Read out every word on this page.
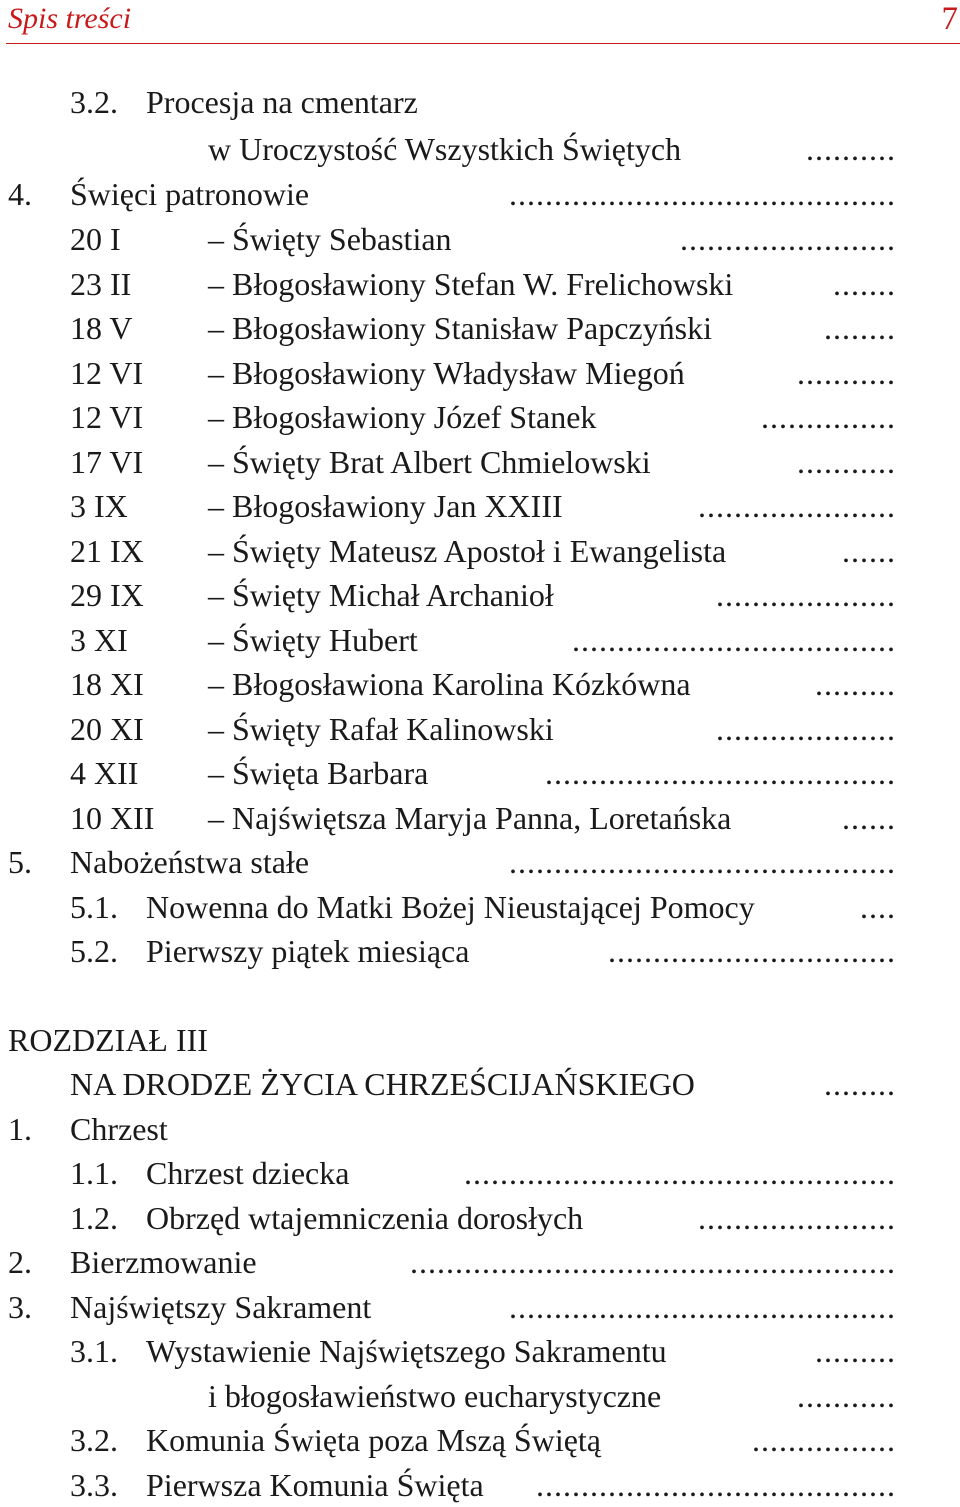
Spis treści	7
3.2. Procesja na cmentarz
w Uroczystość Wszystkich Świętych	..........
4. Święci patronowie	...........................................
20 I	– Święty Sebastian	........................
23 II – Błogosławiony Stefan W. Frelichowski	.......
18 V – Błogosławiony Stanisław Papczyński	........
12 VI – Błogosławiony Władysław Miegoń	...........
12 VI – Błogosławiony Józef Stanek	...............
17 VI – Święty Brat Albert Chmielowski	...........
3 IX	– Błogosławiony Jan XXIII	......................
21 IX – Święty Mateusz Apostoł i Ewangelista	......
29 IX – Święty Michał Archanioł	....................
3 XI	– Święty Hubert	....................................
18 XI – Błogosławiona Karolina Kózkówna	.........
20 XI – Święty Rafał Kalinowski	....................
4 XII – Święta Barbara	.......................................
10 XII – Najświętsza Maryja Panna, Loretańska	......
5. Nabożeństwa stałe	...........................................
5.1. Nowenna do Matki Bożej Nieustającej Pomocy	....
5.2. Pierwszy piątek miesiąca	................................
ROZDZIAŁ III
NA DRODZE ŻYCIA CHRZEŚCIJAŃSKIEGO	........
1. Chrzest
1.1. Chrzest dziecka	................................................
1.2. Obrzęd wtajemniczenia dorosłych	......................
2. Bierzmowanie	......................................................
3. Najświętszy Sakrament	...........................................
3.1. Wystawienie Najświętszego Sakramentu	.........
i błogosławieństwo eucharystyczne	...........
3.2. Komunia Święta poza Mszą Świętą	................
3.3. Pierwsza Komunia Święta ........................................
